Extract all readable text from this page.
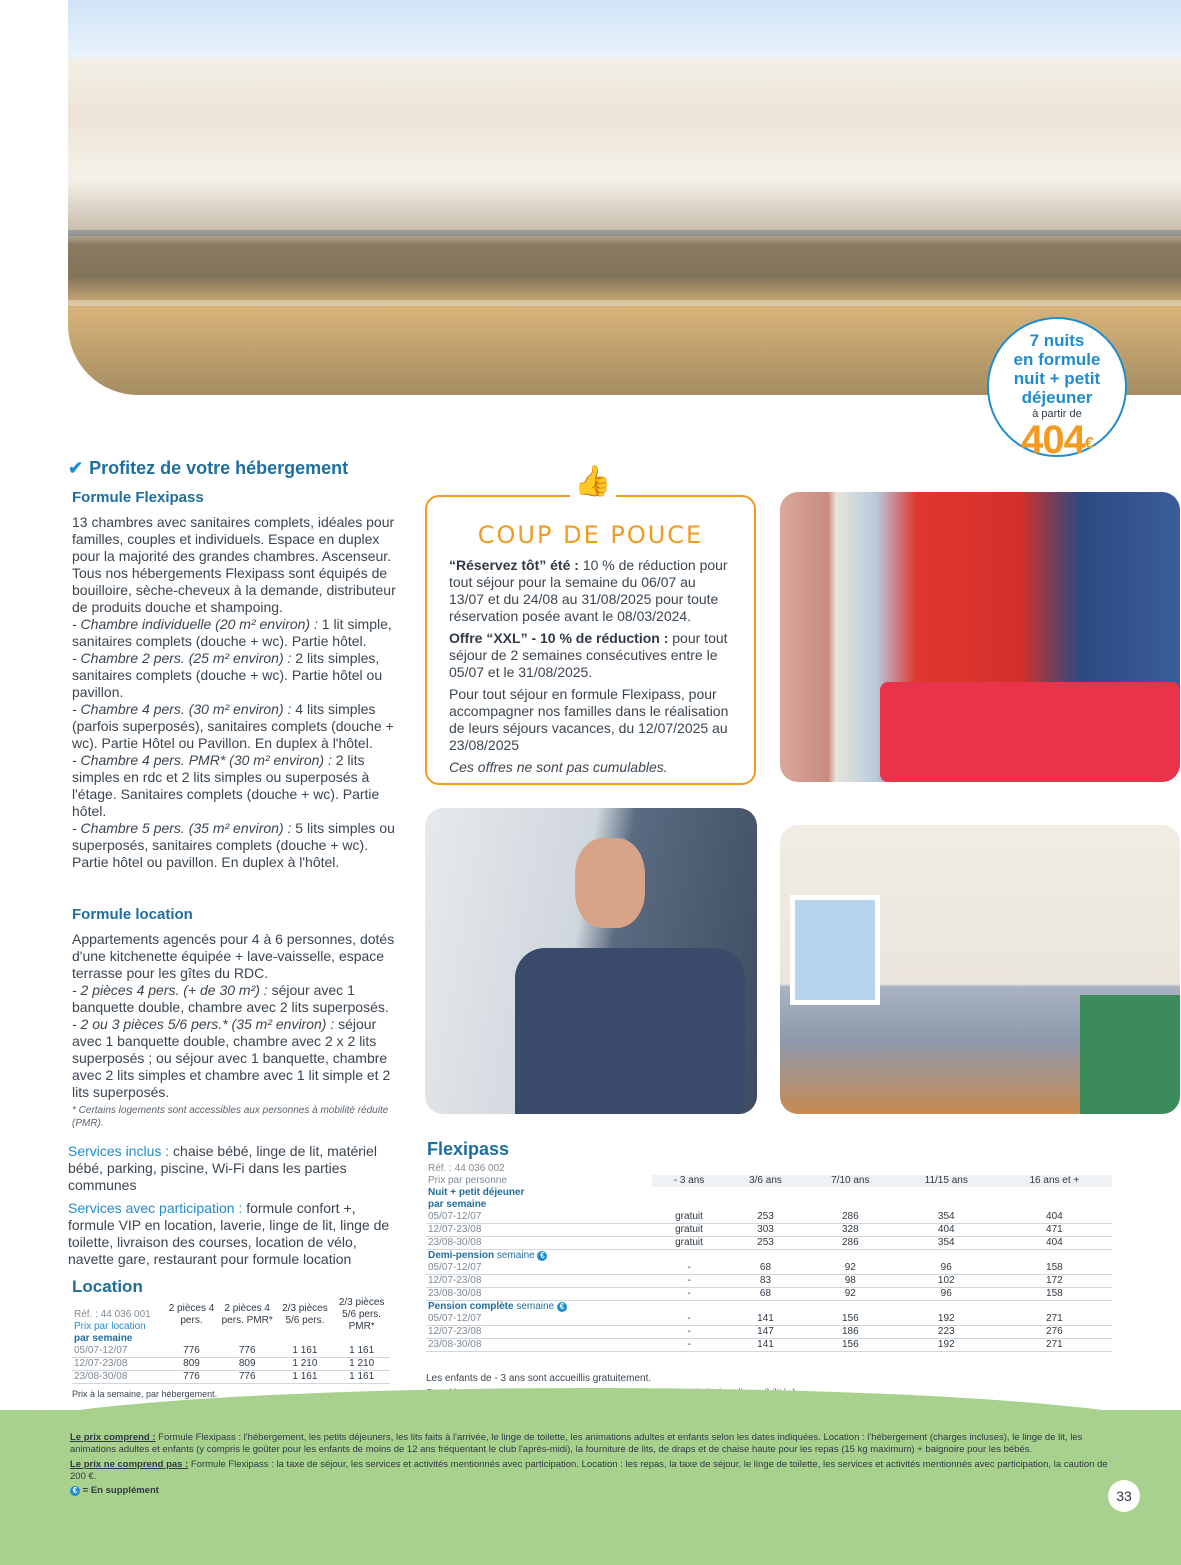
7 nuits
en formule
nuit + petit
déjeuner
à partir de
404€
✔ Profitez de votre hébergement
Formule Flexipass

13 chambres avec sanitaires complets, idéales pour familles, couples et individuels. Espace en duplex pour la majorité des grandes chambres. Ascenseur.

Tous nos hébergements Flexipass sont équipés de bouilloire, sèche-cheveux à la demande, distributeur de produits douche et shampoing.

- Chambre individuelle (20 m² environ) : 1 lit simple, sanitaires complets (douche + wc). Partie hôtel.

- Chambre 2 pers. (25 m² environ) : 2 lits simples, sanitaires complets (douche + wc). Partie hôtel ou pavillon.

- Chambre 4 pers. (30 m² environ) : 4 lits simples (parfois superposés), sanitaires complets (douche + wc). Partie Hôtel ou Pavillon. En duplex à l'hôtel.

- Chambre 4 pers. PMR* (30 m² environ) : 2 lits simples en rdc et 2 lits simples ou superposés à l'étage. Sanitaires complets (douche + wc). Partie hôtel.

- Chambre 5 pers. (35 m² environ) : 5 lits simples ou superposés, sanitaires complets (douche + wc). Partie hôtel ou pavillon. En duplex à l'hôtel.

Formule location

Appartements agencés pour 4 à 6 personnes, dotés d'une kitchenette équipée + lave-vaisselle, espace terrasse pour les gîtes du RDC.

- 2 pièces 4 pers. (+ de 30 m²) : séjour avec 1 banquette double, chambre avec 2 lits superposés.

- 2 ou 3 pièces 5/6 pers.* (35 m² environ) : séjour avec 1 banquette double, chambre avec 2 x 2 lits superposés ; ou séjour avec 1 banquette, chambre avec 2 lits simples et chambre avec 1 lit simple et 2 lits superposés.

* Certains logements sont accessibles aux personnes à mobilité réduite (PMR).
Services inclus : chaise bébé, linge de lit, matériel bébé, parking, piscine, Wi-Fi dans les parties communes
Services avec participation : formule confort +, formule VIP en location, laverie, linge de lit, linge de toilette, livraison des courses, location de vélo, navette gare, restaurant pour formule location
👍
COUP DE POUCE

“Réservez tôt” été : 10 % de réduction pour tout séjour pour la semaine du 06/07 au 13/07 et du 24/08 au 31/08/2025 pour toute réservation posée avant le 08/03/2024.

Offre “XXL” - 10 % de réduction : pour tout séjour de 2 semaines consécutives entre le 05/07 et le 31/08/2025.

Pour tout séjour en formule Flexipass, pour accompagner nos familles dans le réalisation de leurs séjours vacances, du 12/07/2025 au 23/08/2025

Ces offres ne sont pas cumulables.

Flexipass
Réf. : 44 036 002					
Prix par personne	- 3 ans	3/6 ans	7/10 ans	11/15 ans	16 ans et +
Nuit + petit déjeuner					
par semaine					
05/07-12/07	gratuit	253	286	354	404
12/07-23/08	gratuit	303	328	404	471
23/08-30/08	gratuit	253	286	354	404
Demi-pension semaine €					
05/07-12/07	-	68	92	96	158
12/07-23/08	-	83	98	102	172
23/08-30/08	-	68	92	96	158
Pension complète semaine €					
05/07-12/07	-	141	156	192	271
12/07-23/08	-	147	186	223	276
23/08-30/08	-	141	156	192	271
Les enfants de - 3 ans sont accueillis gratuitement.
Location
Réf. : 44 036 001
Prix par location	2 pièces 4 pers.	2 pièces 4 pers. PMR*	2/3 pièces 5/6 pers.	2/3 pièces 5/6 pers. PMR*
par semaine				
05/07-12/07	776	776	1 161	1 161
12/07-23/08	809	809	1 210	1 210
23/08-30/08	776	776	1 161	1 161
Prix à la semaine, par hébergement.

Le prix comprend : Formule Flexipass : l'hébergement, les petits déjeuners, les lits faits à l'arrivée, le linge de toilette, les animations adultes et enfants selon les dates indiquées. Location : l'hébergement (charges incluses), le linge de lit, les animations adultes et enfants (y compris le goûter pour les enfants de moins de 12 ans fréquentant le club l'après-midi), la fourniture de lits, de draps et de chaise haute pour les repas (15 kg maximum) + baignoire pour les bébés.

Le prix ne comprend pas : Formule Flexipass : la taxe de séjour, les services et activités mentionnés avec participation. Location : les repas, la taxe de séjour, le linge de toilette, les services et activités mentionnés avec participation, la caution de 200 €.

€ = En supplément	33
